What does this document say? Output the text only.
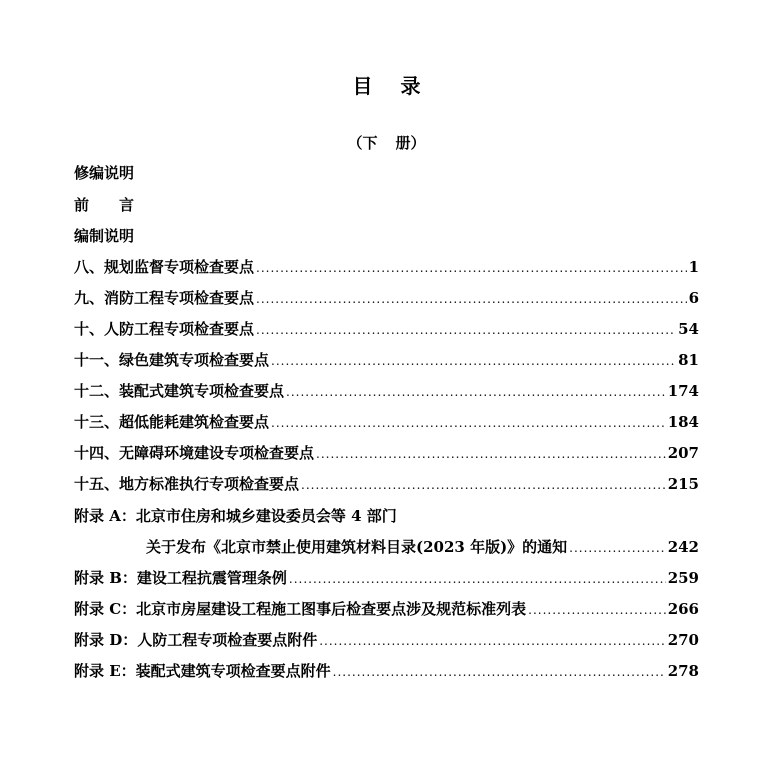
目 录
（下 册）
修编说明
前 言
编制说明
八、规划监督专项检查要点 .....	1
九、消防工程专项检查要点 .....	6
十、人防工程专项检查要点 .....	54
十一、绿色建筑专项检查要点 .....	81
十二、装配式建筑专项检查要点 .....	174
十三、超低能耗建筑检查要点 .....	184
十四、无障碍环境建设专项检查要点 .....	207
十五、地方标准执行专项检查要点 .....	215
附录 A：北京市住房和城乡建设委员会等 4 部门
关于发布《北京市禁止使用建筑材料目录(2023 年版)》的通知 .....	242
附录 B：建设工程抗震管理条例 .....	259
附录 C：北京市房屋建设工程施工图事后检查要点涉及规范标准列表 .....	266
附录 D：人防工程专项检查要点附件 .....	270
附录 E：装配式建筑专项检查要点附件 .....	278
